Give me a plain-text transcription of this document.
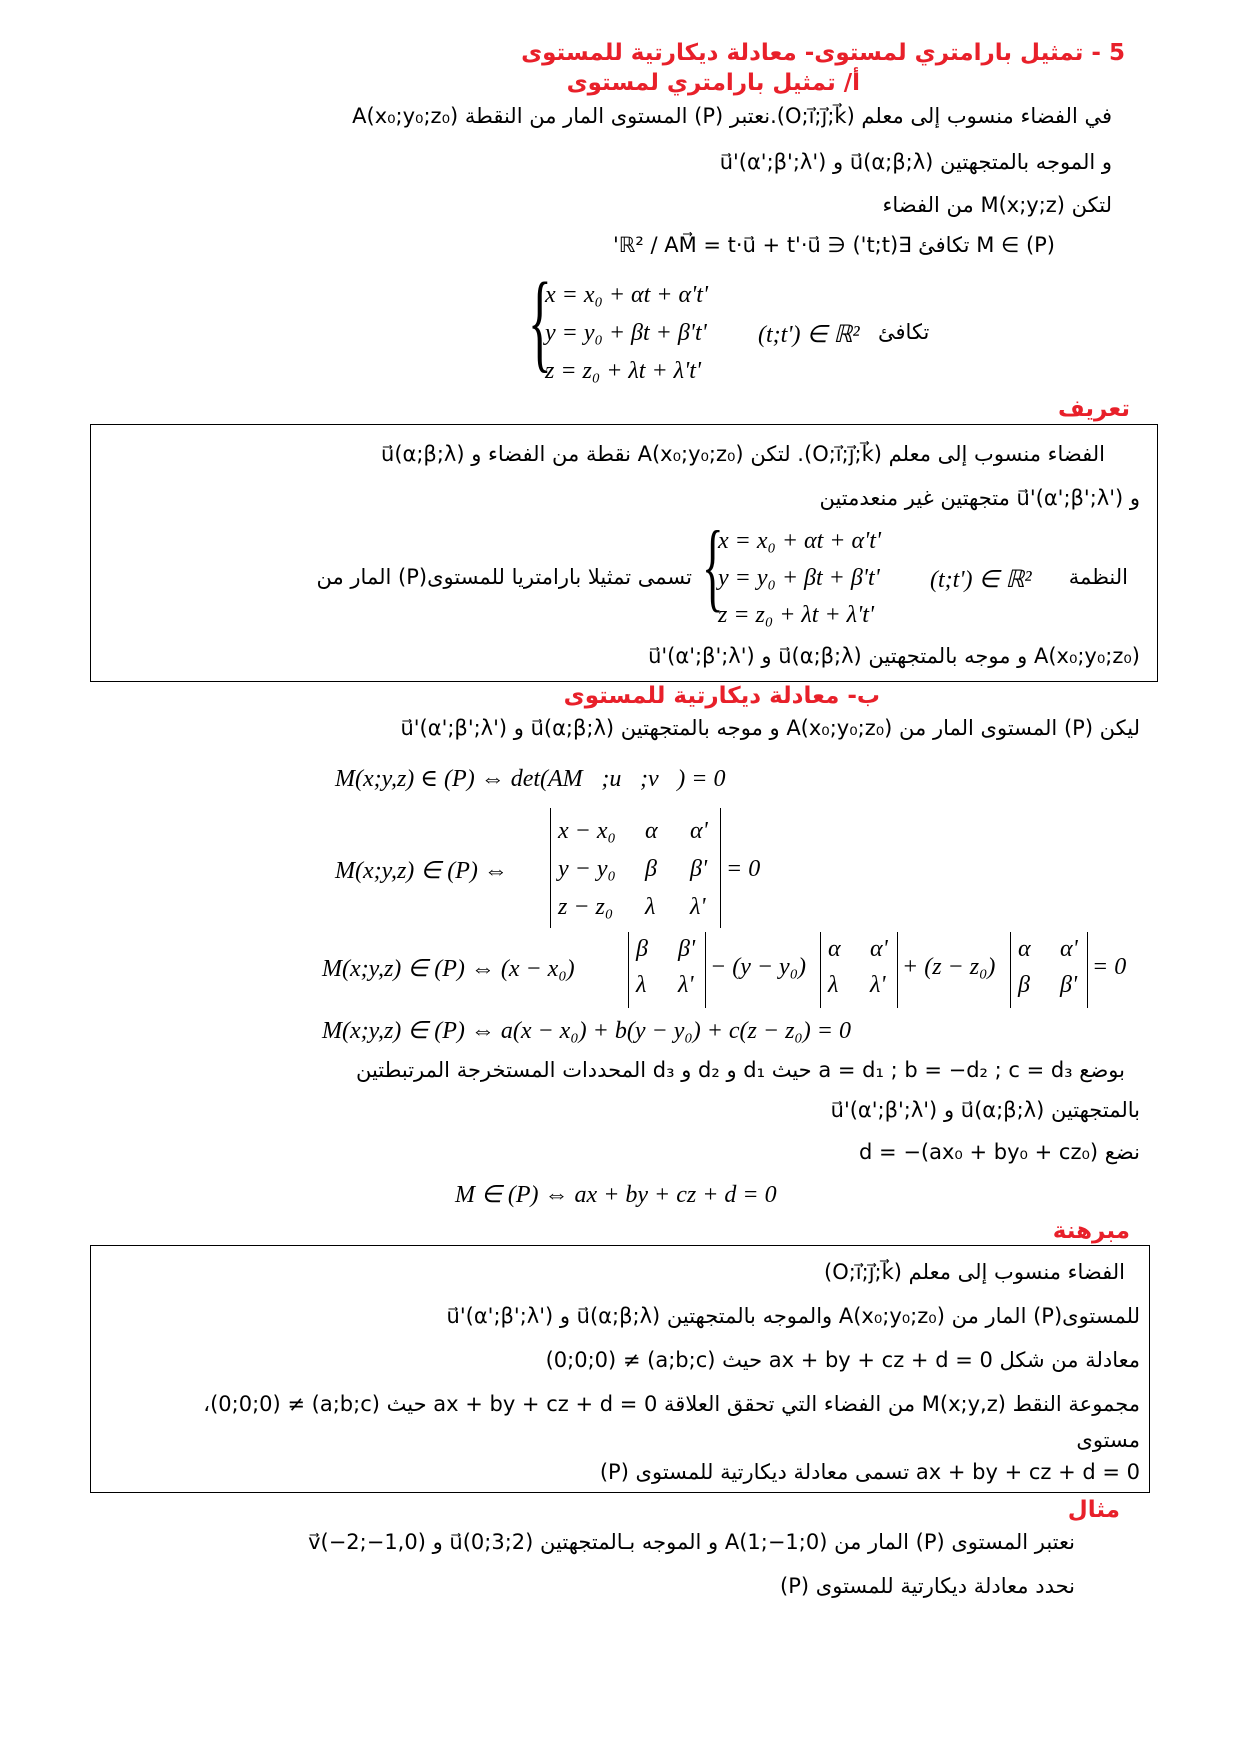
5 - تمثيل بارامتري لمستوى- معادلة ديكارتية للمستوى
أ/ تمثيل بارامتري لمستوى
في الفضاء منسوب إلى معلم (O;i⃗;j⃗;k⃗).نعتبر (P) المستوى المار من النقطة A(x₀;y₀;z₀)
و الموجه بالمتجهتين u⃗(α;β;λ) و u⃗'(α';β';λ')
لتكن M(x;y;z) من الفضاء
M ∈ (P) تكافئ ∃(t;t') ∈ ℝ² / AM⃗ = t·u⃗ + t'·u⃗'
{
x = x₀ + αt + α't'
y = y₀ + βt + β't'
z = z₀ + λt + λ't'
(t;t') ∈ ℝ² تكافئ
تعريف
الفضاء منسوب إلى معلم (O;i⃗;j⃗;k⃗). لتكن A(x₀;y₀;z₀) نقطة من الفضاء و u⃗(α;β;λ)
و u⃗'(α';β';λ') متجهتين غير منعدمتين
النظمة
(t;t') ∈ ℝ²
{
x = x₀ + αt + α't'
y = y₀ + βt + β't'
z = z₀ + λt + λ't'
تسمى تمثيلا بارامتريا للمستوى(P) المار من
A(x₀;y₀;z₀) و موجه بالمتجهتين u⃗(α;β;λ) و u⃗'(α';β';λ')
ب- معادلة ديكارتية للمستوى
ليكن (P) المستوى المار من A(x₀;y₀;z₀) و موجه بالمتجهتين u⃗(α;β;λ) و u⃗'(α';β';λ')
M(x;y,z) ∈ (P) ⇔ det(AM⃗;u⃗;v⃗) = 0
M(x;y,z) ∈ (P) ⇔
x − x₀ α α'
y − y₀ β β'
z − z₀ λ λ'
= 0
M(x;y,z) ∈ (P) ⇔ (x − x₀)
β β'
λ λ'
− (y − y₀)
α α'
λ λ'
+ (z − z₀)
α α'
β β'
= 0
M(x;y,z) ∈ (P) ⇔ a(x − x₀) + b(y − y₀) + c(z − z₀) = 0
بوضع a = d₁ ; b = −d₂ ; c = d₃ حيث d₁ و d₂ و d₃ المحددات المستخرجة المرتبطتين
بالمتجهتين u⃗(α;β;λ) و u⃗'(α';β';λ')
نضع d = −(ax₀ + by₀ + cz₀)
M ∈ (P) ⇔ ax + by + cz + d = 0
مبرهنة
الفضاء منسوب إلى معلم (O;i⃗;j⃗;k⃗)
للمستوى(P) المار من A(x₀;y₀;z₀) والموجه بالمتجهتين u⃗(α;β;λ) و u⃗'(α';β';λ')
معادلة من شكل ax + by + cz + d = 0 حيث (a;b;c) ≠ (0;0;0)
مجموعة النقط M(x;y,z) من الفضاء التي تحقق العلاقة ax + by + cz + d = 0 حيث (a;b;c) ≠ (0;0;0)،
مستوى
ax + by + cz + d = 0 تسمى معادلة ديكارتية للمستوى (P)
مثال
نعتبر المستوى (P) المار من A(1;−1;0) و الموجه بـالمتجهتين u⃗(0;3;2) و v⃗(−2;−1,0)
نحدد معادلة ديكارتية للمستوى (P)
